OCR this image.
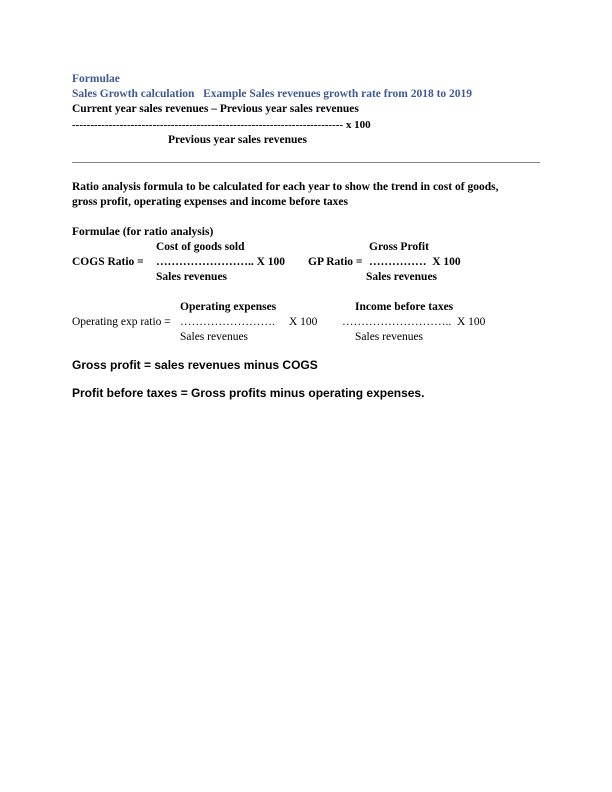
Formulae
Sales Growth calculation   Example Sales revenues growth rate from 2018 to 2019
Current year sales revenues – Previous year sales revenues
-------------------------------------------------------------------------- x 100
Previous year sales revenues
Ratio analysis formula to be calculated for each year to show the trend in cost of goods,
gross profit, operating expenses and income before taxes
Formulae (for ratio analysis)
Cost of goods sold	Gross Profit
COGS Ratio = …………………….. X 100 GP Ratio = ……………  X 100
Sales revenues	Sales revenues
Operating expenses	Income before taxes
Operating exp ratio = ……………………. X 100 ………………………..  X 100
Sales revenues	Sales revenues
Gross profit = sales revenues minus COGS
Profit before taxes = Gross profits minus operating expenses.
